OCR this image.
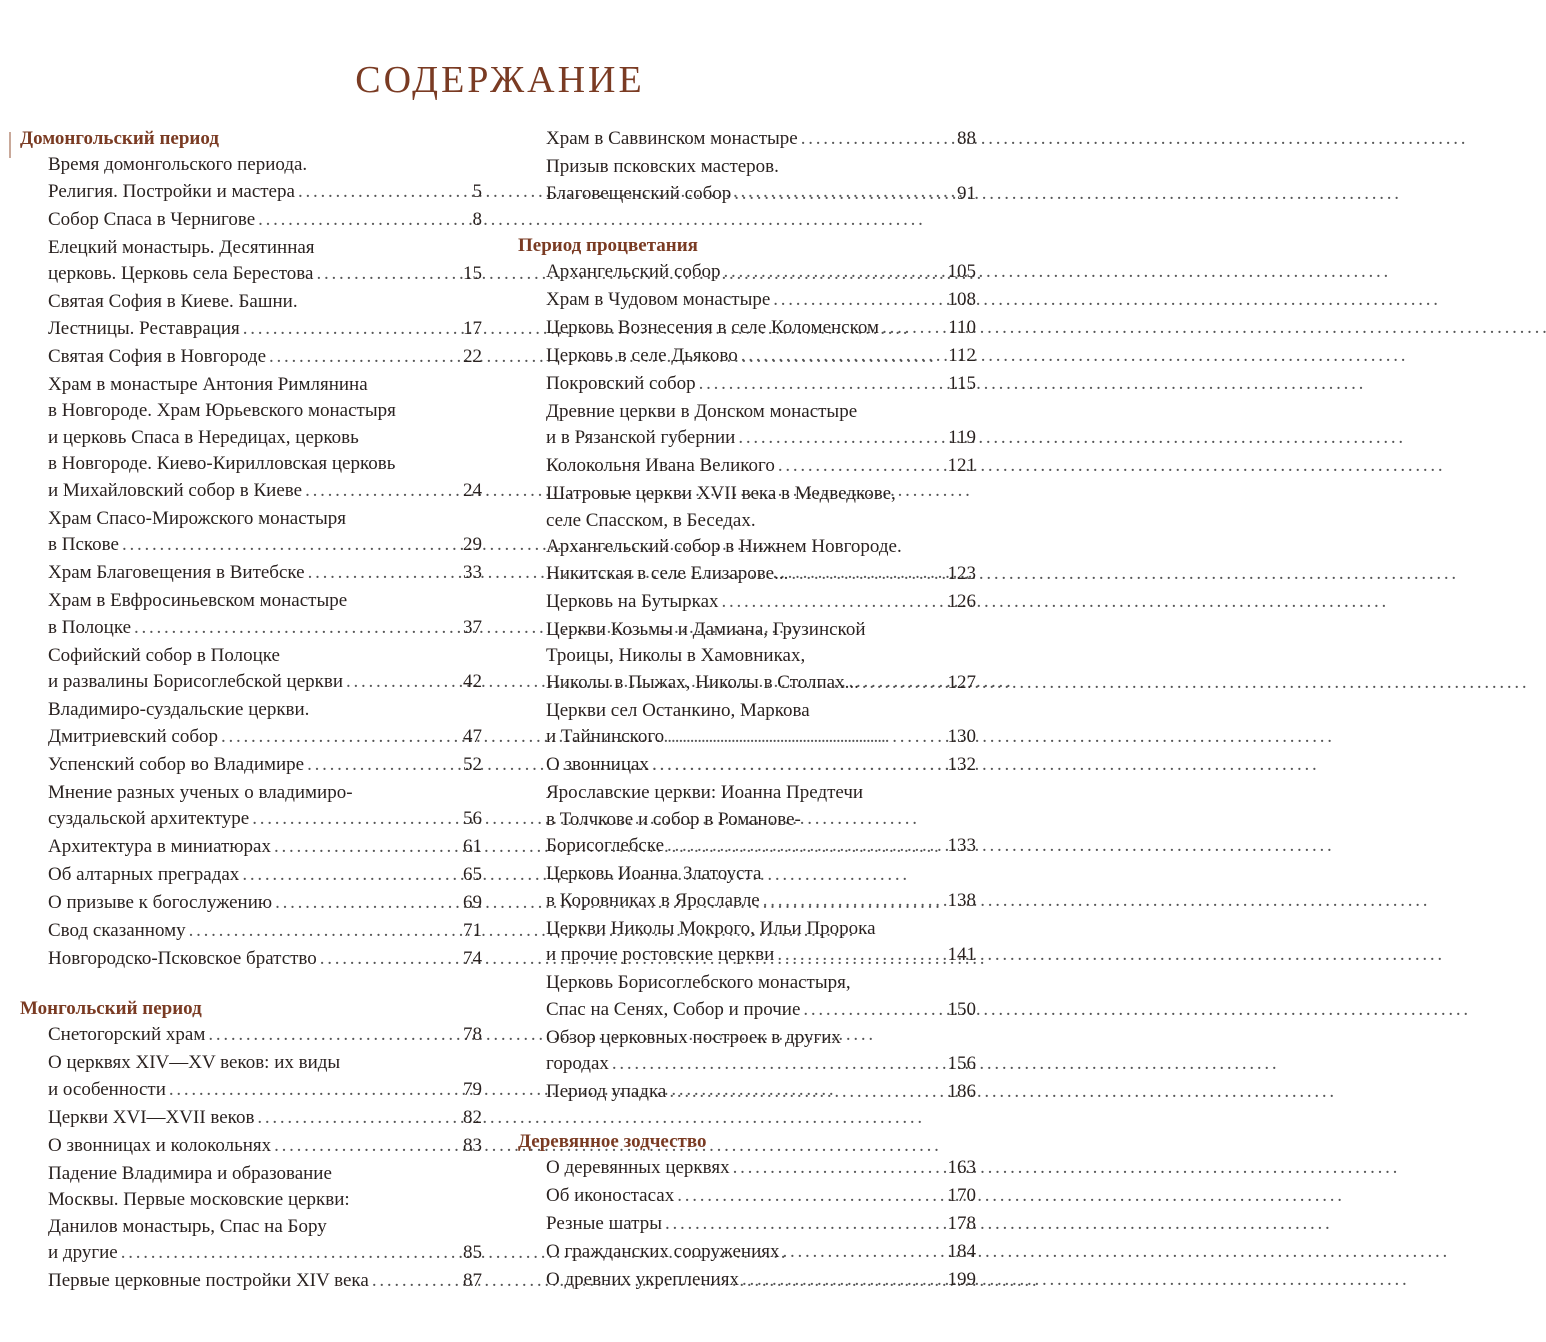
СОДЕРЖАНИЕ
Домонгольский период
Время домонгольского периода.
Религия. Постройки и мастера . . .	5
Собор Спаса в Чернигове . . .	8
Елецкий монастырь. Десятинная
церковь. Церковь села Берестова . . .	15
Святая София в Киеве. Башни.
Лестницы. Реставрация . . .	17
Святая София в Новгороде . . .	22
Храм в монастыре Антония Римлянина
в Новгороде. Храм Юрьевского монастыря
и церковь Спаса в Нередицах, церковь
в Новгороде. Киево-Кирилловская церковь
и Михайловский собор в Киеве . . .	24
Храм Спасо-Мирожского монастыря
в Пскове . . .	29
Храм Благовещения в Витебске . . .	33
Храм в Евфросиньевском монастыре
в Полоцке . . .	37
Софийский собор в Полоцке
и развалины Борисоглебской церкви . . .	42
Владимиро-суздальские церкви.
Дмитриевский собор . . .	47
Успенский собор во Владимире . . .	52
Мнение разных ученых о владимиро-
суздальской архитектуре . . .	56
Архитектура в миниатюрах . . .	61
Об алтарных преградах . . .	65
О призыве к богослужению . . .	69
Свод сказанному . . .	71
Новгородско-Псковское братство . . .	74
Монгольский период
Снетогорский храм . . .	78
О церквях XIV—XV веков: их виды
и особенности . . .	79
Церкви XVI—XVII веков . . .	82
О звонницах и колокольнях . . .	83
Падение Владимира и образование
Москвы. Первые московские церкви:
Данилов монастырь, Спас на Бору
и другие . . .	85
Первые церковные постройки XIV века . . .	87
Храм в Саввинском монастыре . . .	88
Призыв псковских мастеров.
Благовещенский собор . . .	91
Период процветания
Архангельский собор . . .	105
Храм в Чудовом монастыре . . .	108
Церковь Вознесения в селе Коломенском . . .	110
Церковь в селе Дьяково . . .	112
Покровский собор . . .	115
Древние церкви в Донском монастыре
и в Рязанской губернии . . .	119
Колокольня Ивана Великого . . .	121
Шатровые церкви XVII века в Медведкове,
селе Спасском, в Беседах.
Архангельский собор в Нижнем Новгороде.
Никитская в селе Елизарове... . . .	123
Церковь на Бутырках . . .	126
Церкви Козьмы и Дамиана, Грузинской
Троицы, Николы в Хамовниках,
Николы в Пыжах, Николы в Столпах... . . .	127
Церкви сел Останкино, Маркова
и Тайнинского . . .	130
О звонницах . . .	132
Ярославские церкви: Иоанна Предтечи
в Толчкове и собор в Романове-
Борисоглебске . . .	133
Церковь Иоанна Златоуста
в Коровниках в Ярославле . . .	138
Церкви Николы Мокрого, Ильи Пророка
и прочие ростовские церкви . . .	141
Церковь Борисоглебского монастыря,
Спас на Сенях, Собор и прочие . . .	150
Обзор церковных построек в других
городах . . .	156
Период упадка . . .	186
Деревянное зодчество
О деревянных церквях . . .	163
Об иконостасах . . .	170
Резные шатры . . .	178
О гражданских сооружениях . . .	184
О древних укреплениях . . .	199
